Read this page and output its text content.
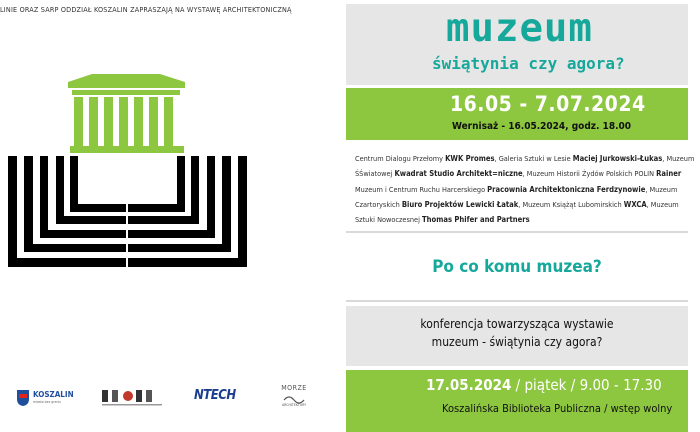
LINIE ORAZ SARP ODDZIAŁ KOSZALIN ZAPRASZAJĄ NA WYSTAWĘ ARCHITEKTONICZNĄ
KOSZALIN
miasto bez granic	NTECH	MORZE
ARCHITEKTURY
muzeum
świątynia czy agora?
16.05 - 7.07.2024
Wernisaż - 16.05.2024, godz. 18.00
Centrum Dialogu Przełomy KWK Promes, Galeria Sztuki w Lesie Maciej Jurkowski-Łukas, Muzeum ŚŚwiatowej Kwadrat Studio Architekt=niczne, Muzeum Historii Żydów Polskich POLIN Rainer Muzeum i Centrum Ruchu Harcerskiego Pracownia Architektoniczna Ferdzynowie, Muzeum Czartoryskich Biuro Projektów Lewicki Łatak, Muzeum Książąt Lubomirskich WXCA, Muzeum Sztuki Nowoczesnej Thomas Phifer and Partners
Po co komu muzea?
konferencja towarzysząca wystawie
muzeum - świątynia czy agora?
17.05.2024 / piątek / 9.00 - 17.30
Koszalińska Biblioteka Publiczna / wstęp wolny
